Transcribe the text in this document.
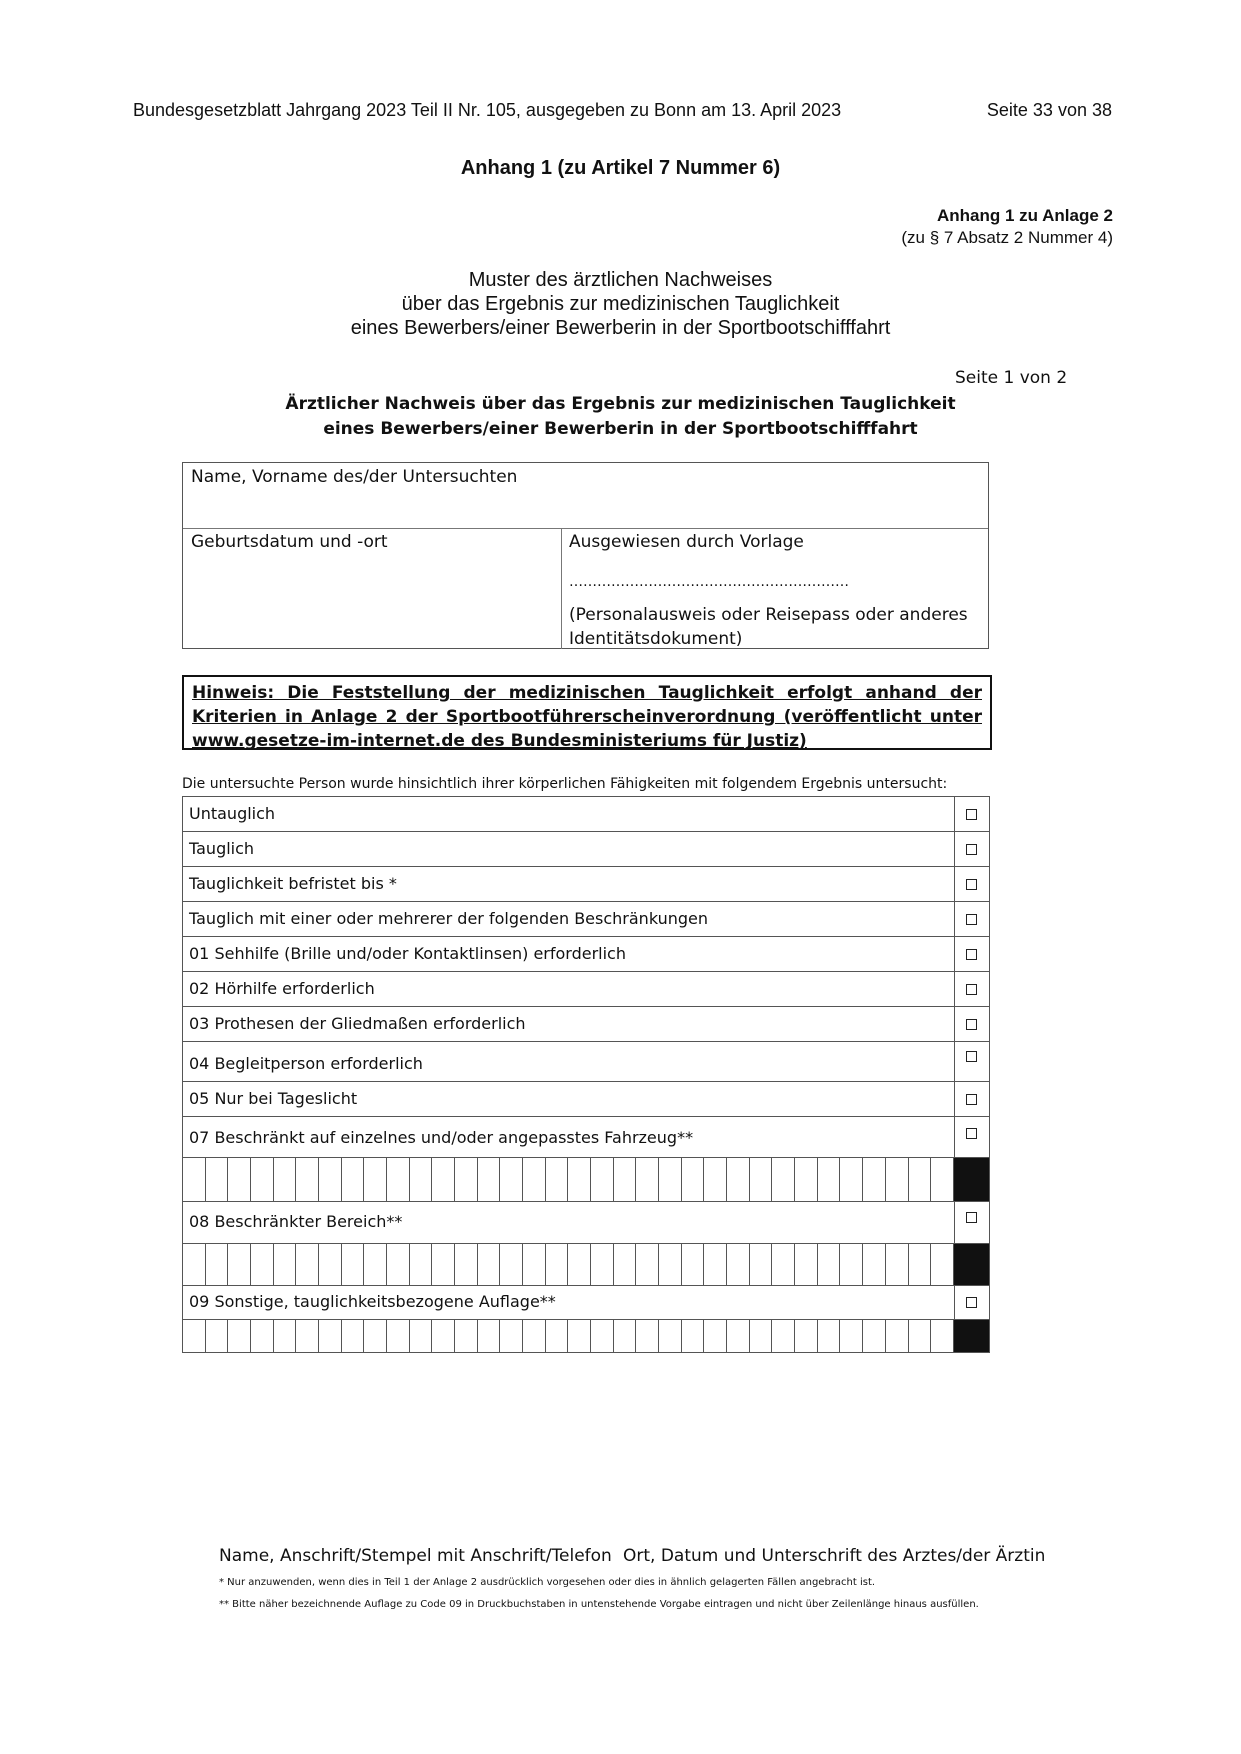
Bundesgesetzblatt Jahrgang 2023 Teil II Nr. 105, ausgegeben zu Bonn am 13. April 2023	Seite 33 von 38
Anhang 1 (zu Artikel 7 Nummer 6)
Anhang 1 zu Anlage 2
(zu § 7 Absatz 2 Nummer 4)
Muster des ärztlichen Nachweises
über das Ergebnis zur medizinischen Tauglichkeit
eines Bewerbers/einer Bewerberin in der Sportbootschifffahrt
Seite 1 von 2
Ärztlicher Nachweis über das Ergebnis zur medizinischen Tauglichkeit
eines Bewerbers/einer Bewerberin in der Sportbootschifffahrt
Name, Vorname des/der Untersuchten
Geburtsdatum und -ort	Ausgewiesen durch Vorlage
……………………………………………………
(Personalausweis oder Reisepass oder anderes Identitätsdokument)
Hinweis: Die Feststellung der medizinischen Tauglichkeit erfolgt anhand der Kriterien in Anlage 2 der Sportbootführerscheinverordnung (veröffentlicht unter www.gesetze-im-internet.de des Bundesministeriums für Justiz)
Die untersuchte Person wurde hinsichtlich ihrer körperlichen Fähigkeiten mit folgendem Ergebnis untersucht:
Untauglich
Tauglich
Tauglichkeit befristet bis *
Tauglich mit einer oder mehrerer der folgenden Beschränkungen
01 Sehhilfe (Brille und/oder Kontaktlinsen) erforderlich
02 Hörhilfe erforderlich
03 Prothesen der Gliedmaßen erforderlich
04 Begleitperson erforderlich
05 Nur bei Tageslicht
07 Beschränkt auf einzelnes und/oder angepasstes Fahrzeug**
08 Beschränkter Bereich**
09 Sonstige, tauglichkeitsbezogene Auflage**
Name, Anschrift/Stempel mit Anschrift/Telefon Ort, Datum und Unterschrift des Arztes/der Ärztin
* Nur anzuwenden, wenn dies in Teil 1 der Anlage 2 ausdrücklich vorgesehen oder dies in ähnlich gelagerten Fällen angebracht ist.
** Bitte näher bezeichnende Auflage zu Code 09 in Druckbuchstaben in untenstehende Vorgabe eintragen und nicht über Zeilenlänge hinaus ausfüllen.
